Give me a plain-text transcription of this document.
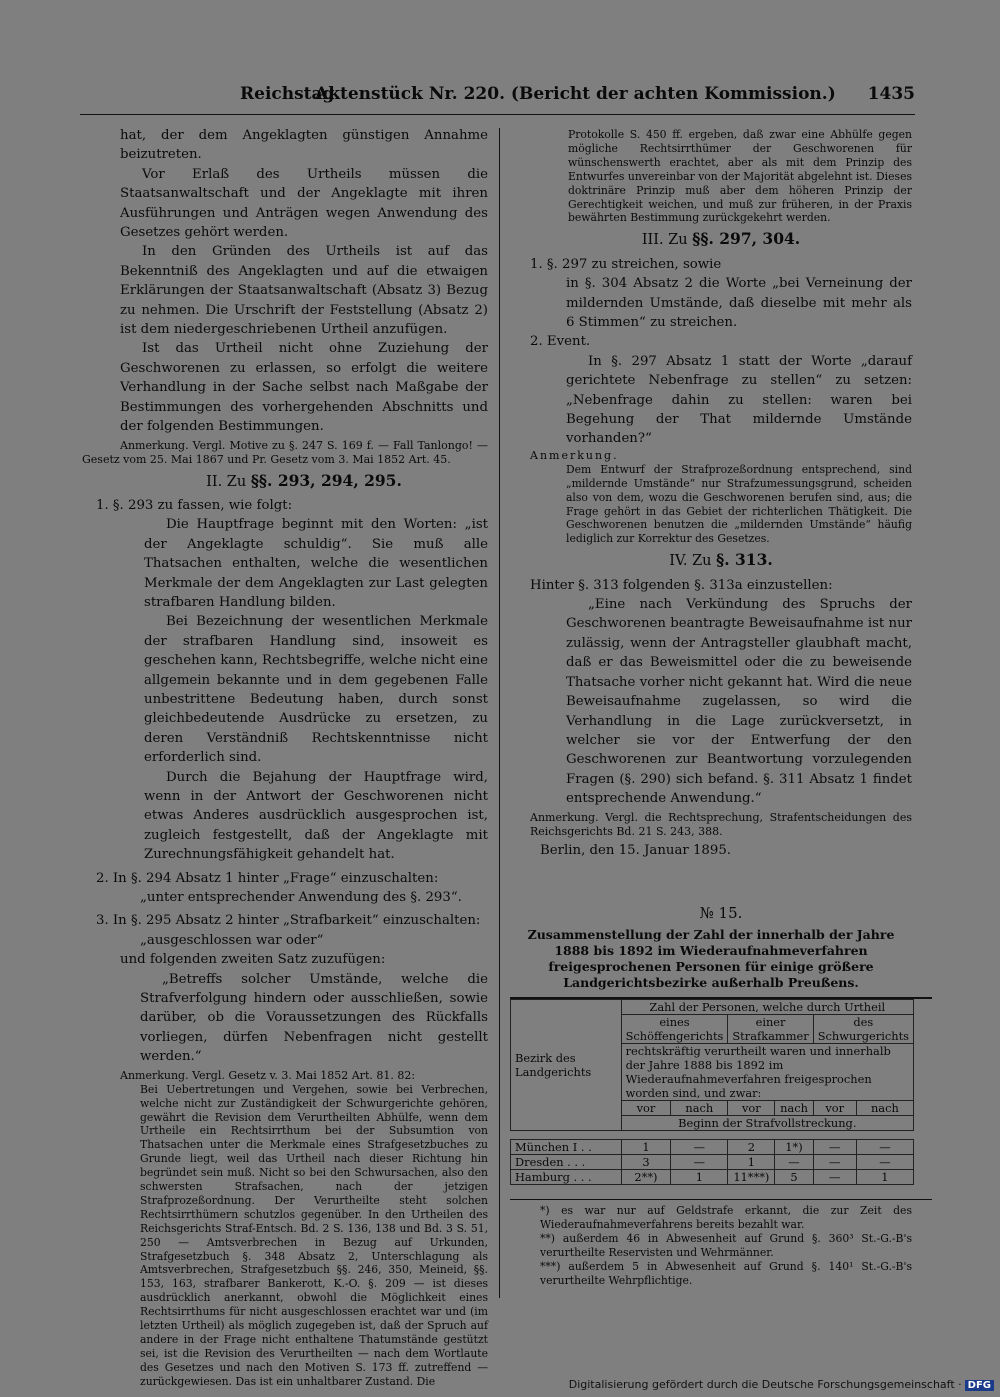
Reichstag.
Aktenstück Nr. 220. (Bericht der achten Kommission.) 1435

hat, der dem Angeklagten günstigen Annahme beizutreten.

Vor Erlaß des Urtheils müssen die Staatsanwaltschaft und der Angeklagte mit ihren Ausführungen und Anträgen wegen Anwendung des Gesetzes gehört werden.

In den Gründen des Urtheils ist auf das Bekenntniß des Angeklagten und auf die etwaigen Erklärungen der Staatsanwaltschaft (Absatz 3) Bezug zu nehmen. Die Urschrift der Feststellung (Absatz 2) ist dem niedergeschriebenen Urtheil anzufügen.

Ist das Urtheil nicht ohne Zuziehung der Geschworenen zu erlassen, so erfolgt die weitere Verhandlung in der Sache selbst nach Maßgabe der Bestimmungen des vorhergehenden Abschnitts und der folgenden Bestimmungen.

Anmerkung. Vergl. Motive zu §. 247 S. 169 f. — Fall Tanlongo! — Gesetz vom 25. Mai 1867 und Pr. Gesetz vom 3. Mai 1852 Art. 45.

II. Zu §§. 293, 294, 295.

1. §. 293 zu fassen, wie folgt:

Die Hauptfrage beginnt mit den Worten: „ist der Angeklagte schuldig“. Sie muß alle Thatsachen enthalten, welche die wesentlichen Merkmale der dem Angeklagten zur Last gelegten strafbaren Handlung bilden.

Bei Bezeichnung der wesentlichen Merkmale der strafbaren Handlung sind, insoweit es geschehen kann, Rechtsbegriffe, welche nicht eine allgemein bekannte und in dem gegebenen Falle unbestrittene Bedeutung haben, durch sonst gleichbedeutende Ausdrücke zu ersetzen, zu deren Verständniß Rechtskenntnisse nicht erforderlich sind.

Durch die Bejahung der Hauptfrage wird, wenn in der Antwort der Geschworenen nicht etwas Anderes ausdrücklich ausgesprochen ist, zugleich festgestellt, daß der Angeklagte mit Zurechnungsfähigkeit gehandelt hat.

2. In §. 294 Absatz 1 hinter „Frage“ einzuschalten:

„unter entsprechender Anwendung des §. 293“.

3. In §. 295 Absatz 2 hinter „Strafbarkeit“ einzuschalten:

„ausgeschlossen war oder“

und folgenden zweiten Satz zuzufügen:

„Betreffs solcher Umstände, welche die Strafverfolgung hindern oder ausschließen, sowie darüber, ob die Voraussetzungen des Rückfalls vorliegen, dürfen Nebenfragen nicht gestellt werden.“

Anmerkung. Vergl. Gesetz v. 3. Mai 1852 Art. 81. 82:

Bei Uebertretungen und Vergehen, sowie bei Verbrechen, welche nicht zur Zuständigkeit der Schwurgerichte gehören, gewährt die Revision dem Verurtheilten Abhülfe, wenn dem Urtheile ein Rechtsirrthum bei der Subsumtion von Thatsachen unter die Merkmale eines Strafgesetzbuches zu Grunde liegt, weil das Urtheil nach dieser Richtung hin begründet sein muß. Nicht so bei den Schwursachen, also den schwersten Strafsachen, nach der jetzigen Strafprozeßordnung. Der Verurtheilte steht solchen Rechtsirrthümern schutzlos gegenüber. In den Urtheilen des Reichsgerichts Straf-Entsch. Bd. 2 S. 136, 138 und Bd. 3 S. 51, 250 — Amtsverbrechen in Bezug auf Urkunden, Strafgesetzbuch §. 348 Absatz 2, Unterschlagung als Amtsverbrechen, Strafgesetzbuch §§. 246, 350, Meineid, §§. 153, 163, strafbarer Bankerott, K.-O. §. 209 — ist dieses ausdrücklich anerkannt, obwohl die Möglichkeit eines Rechtsirrthums für nicht ausgeschlossen erachtet war und (im letzten Urtheil) als möglich zugegeben ist, daß der Spruch auf andere in der Frage nicht enthaltene Thatumstände gestützt sei, ist die Revision des Verurtheilten — nach dem Wortlaute des Gesetzes und nach den Motiven S. 173 ff. zutreffend — zurückgewiesen. Das ist ein unhaltbarer Zustand. Die

Protokolle S. 450 ff. ergeben, daß zwar eine Abhülfe gegen mögliche Rechtsirrthümer der Geschworenen für wünschenswerth erachtet, aber als mit dem Prinzip des Entwurfes unvereinbar von der Majorität abgelehnt ist. Dieses doktrinäre Prinzip muß aber dem höheren Prinzip der Gerechtigkeit weichen, und muß zur früheren, in der Praxis bewährten Bestimmung zurückgekehrt werden.

III. Zu §§. 297, 304.

1. §. 297 zu streichen, sowie

in §. 304 Absatz 2 die Worte „bei Verneinung der mildernden Umstände, daß dieselbe mit mehr als 6 Stimmen“ zu streichen.

2. Event.

In §. 297 Absatz 1 statt der Worte „darauf gerichtete Nebenfrage zu stellen“ zu setzen: „Nebenfrage dahin zu stellen: waren bei Begehung der That mildernde Umstände vorhanden?“

Anmerkung.

Dem Entwurf der Strafprozeßordnung entsprechend, sind „mildernde Umstände“ nur Strafzumessungsgrund, scheiden also von dem, wozu die Geschworenen berufen sind, aus; die Frage gehört in das Gebiet der richterlichen Thätigkeit. Die Geschworenen benutzen die „mildernden Umstände“ häufig lediglich zur Korrektur des Gesetzes.

IV. Zu §. 313.

Hinter §. 313 folgenden §. 313a einzustellen:

„Eine nach Verkündung des Spruchs der Geschworenen beantragte Beweisaufnahme ist nur zulässig, wenn der Antragsteller glaubhaft macht, daß er das Beweismittel oder die zu beweisende Thatsache vorher nicht gekannt hat. Wird die neue Beweisaufnahme zugelassen, so wird die Verhandlung in die Lage zurückversetzt, in welcher sie vor der Entwerfung der den Geschworenen zur Beantwortung vorzulegenden Fragen (§. 290) sich befand. §. 311 Absatz 1 findet entsprechende Anwendung.“

Anmerkung. Vergl. die Rechtsprechung, Strafentscheidungen des Reichsgerichts Bd. 21 S. 243, 388.

Berlin, den 15. Januar 1895.

№ 15.

Zusammenstellung der Zahl der innerhalb der Jahre 1888 bis 1892 im Wiederaufnahmeverfahren freigesprochenen Personen für einige größere Landgerichtsbezirke außerhalb Preußens.

Bezirk des Landgerichts	Zahl der Personen, welche durch Urtheil					
	eines Schöffengerichts		einer Strafkammer		des Schwurgerichts	
	rechtskräftig verurtheilt waren und innerhalb der Jahre 1888 bis 1892 im Wiederaufnahmeverfahren freigesprochen worden sind, und zwar:					
	vor	nach	vor	nach	vor	nach
	Beginn der Strafvollstreckung.					

München I . .	1	—	2	1*)	—	—
Dresden . . .	3	—	1	—	—	—
Hamburg . . .	2**)	1	11***)	5	—	1

*) es war nur auf Geldstrafe erkannt, die zur Zeit des Wiederaufnahmeverfahrens bereits bezahlt war.

**) außerdem 46 in Abwesenheit auf Grund §. 360³ St.-G.-B's verurtheilte Reservisten und Wehrmänner.

***) außerdem 5 in Abwesenheit auf Grund §. 140¹ St.-G.-B's verurtheilte Wehrpflichtige.

Digitalisierung gefördert durch die Deutsche Forschungsgemeinschaft · DFG
